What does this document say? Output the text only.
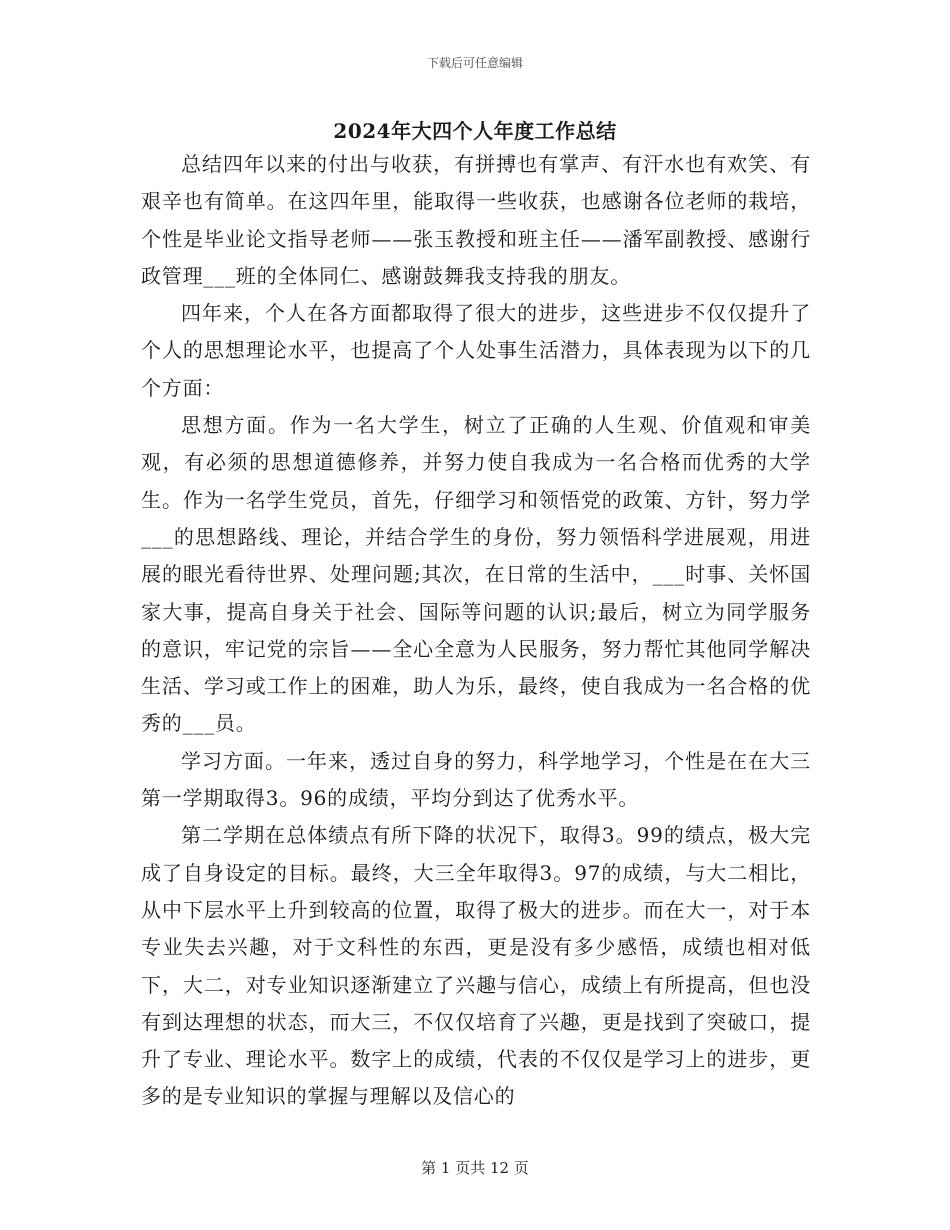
下载后可任意编辑
2024年大四个人年度工作总结

总结四年以来的付出与收获，有拼搏也有掌声、有汗水也有欢笑、有艰辛也有简单。在这四年里，能取得一些收获，也感谢各位老师的栽培，个性是毕业论文指导老师——张玉教授和班主任——潘军副教授、感谢行政管理___班的全体同仁、感谢鼓舞我支持我的朋友。

四年来，个人在各方面都取得了很大的进步，这些进步不仅仅提升了个人的思想理论水平，也提高了个人处事生活潜力，具体表现为以下的几个方面：

思想方面。作为一名大学生，树立了正确的人生观、价值观和审美观，有必须的思想道德修养，并努力使自我成为一名合格而优秀的大学生。作为一名学生党员，首先，仔细学习和领悟党的政策、方针，努力学___的思想路线、理论，并结合学生的身份，努力领悟科学进展观，用进展的眼光看待世界、处理问题;其次，在日常的生活中，___时事、关怀国家大事，提高自身关于社会、国际等问题的认识;最后，树立为同学服务的意识，牢记党的宗旨——全心全意为人民服务，努力帮忙其他同学解决生活、学习或工作上的困难，助人为乐，最终，使自我成为一名合格的优秀的___员。

学习方面。一年来，透过自身的努力，科学地学习，个性是在在大三第一学期取得3。96的成绩，平均分到达了优秀水平。

第二学期在总体绩点有所下降的状况下，取得3。99的绩点，极大完成了自身设定的目标。最终，大三全年取得3。97的成绩，与大二相比，从中下层水平上升到较高的位置，取得了极大的进步。而在大一，对于本专业失去兴趣，对于文科性的东西，更是没有多少感悟，成绩也相对低下，大二，对专业知识逐渐建立了兴趣与信心，成绩上有所提高，但也没有到达理想的状态，而大三，不仅仅培育了兴趣，更是找到了突破口，提升了专业、理论水平。数字上的成绩，代表的不仅仅是学习上的进步，更多的是专业知识的掌握与理解以及信心的

第 1 页共 12 页
